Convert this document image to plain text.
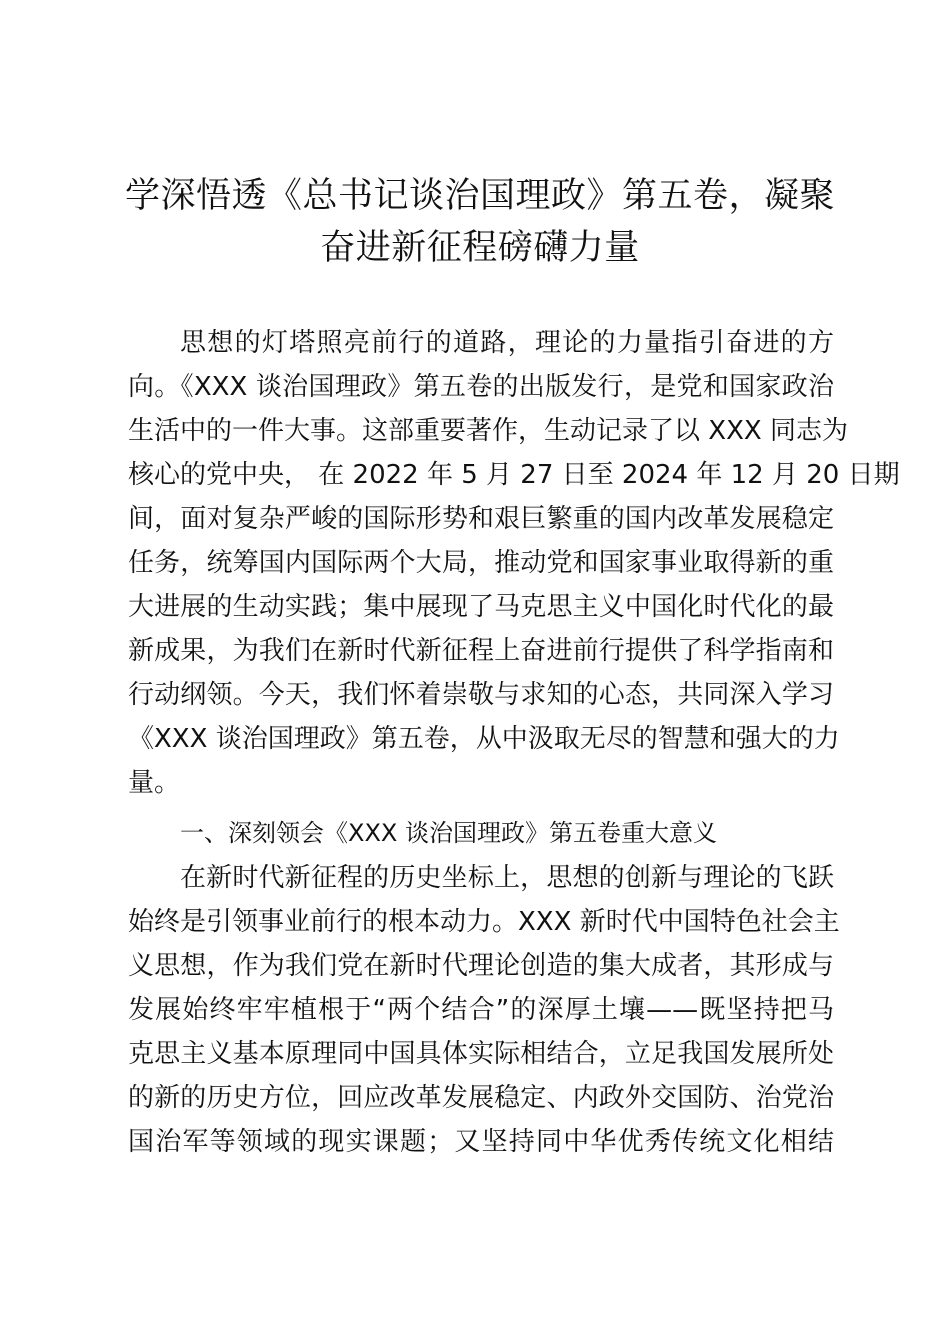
学深悟透《总书记谈治国理政》第五卷，凝聚
奋进新征程磅礴力量

思想的灯塔照亮前行的道路，理论的力量指引奋进的方

向。《XXX 谈治国理政》第五卷的出版发行，是党和国家政治

生活中的一件大事。这部重要著作，生动记录了以 XXX 同志为

核心的党中央， 在 2022 年 5 月 27 日至 2024 年 12 月 20 日期

间，面对复杂严峻的国际形势和艰巨繁重的国内改革发展稳定

任务，统筹国内国际两个大局，推动党和国家事业取得新的重

大进展的生动实践；集中展现了马克思主义中国化时代化的最

新成果，为我们在新时代新征程上奋进前行提供了科学指南和

行动纲领。今天，我们怀着崇敬与求知的心态，共同深入学习

《XXX 谈治国理政》第五卷，从中汲取无尽的智慧和强大的力

量。

一、深刻领会《XXX 谈治国理政》第五卷重大意义

在新时代新征程的历史坐标上，思想的创新与理论的飞跃

始终是引领事业前行的根本动力。XXX 新时代中国特色社会主

义思想，作为我们党在新时代理论创造的集大成者，其形成与

发展始终牢牢植根于“两个结合”的深厚土壤——既坚持把马

克思主义基本原理同中国具体实际相结合，立足我国发展所处

的新的历史方位，回应改革发展稳定、内政外交国防、治党治

国治军等领域的现实课题；又坚持同中华优秀传统文化相结
